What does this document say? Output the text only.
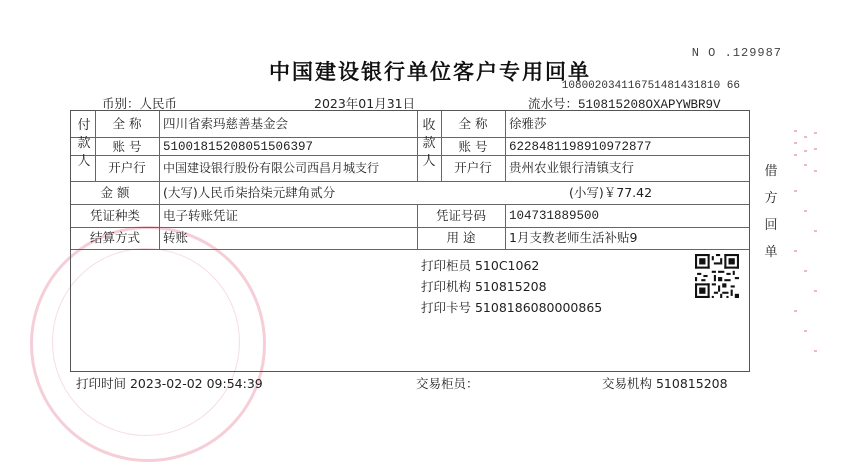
N O .129987
中国建设银行单位客户专用回单
108002034116751481431810 66
币别：人民币	2023年01月31日	流水号：510815208OXAPYWBR9V
付款人
全 称	四川省索玛慈善基金会
账 号	51001815208051506397
开户行	中国建设银行股份有限公司西昌月城支行
收款人
全 称	徐雅莎
账 号	6228481198910972877
开户行	贵州农业银行清镇支行
金 额	(大写)人民币柒拾柒元肆角贰分	(小写)￥77.42
凭证种类	电子转账凭证	凭证号码	104731889500
结算方式	转账	用 途	1月支教老师生活补贴9
打印柜员 510C1062
打印机构 510815208
打印卡号 5108186080000865
借
方
回
单
打印时间 2023-02-02 09:54:39	交易柜员：	交易机构 510815208
